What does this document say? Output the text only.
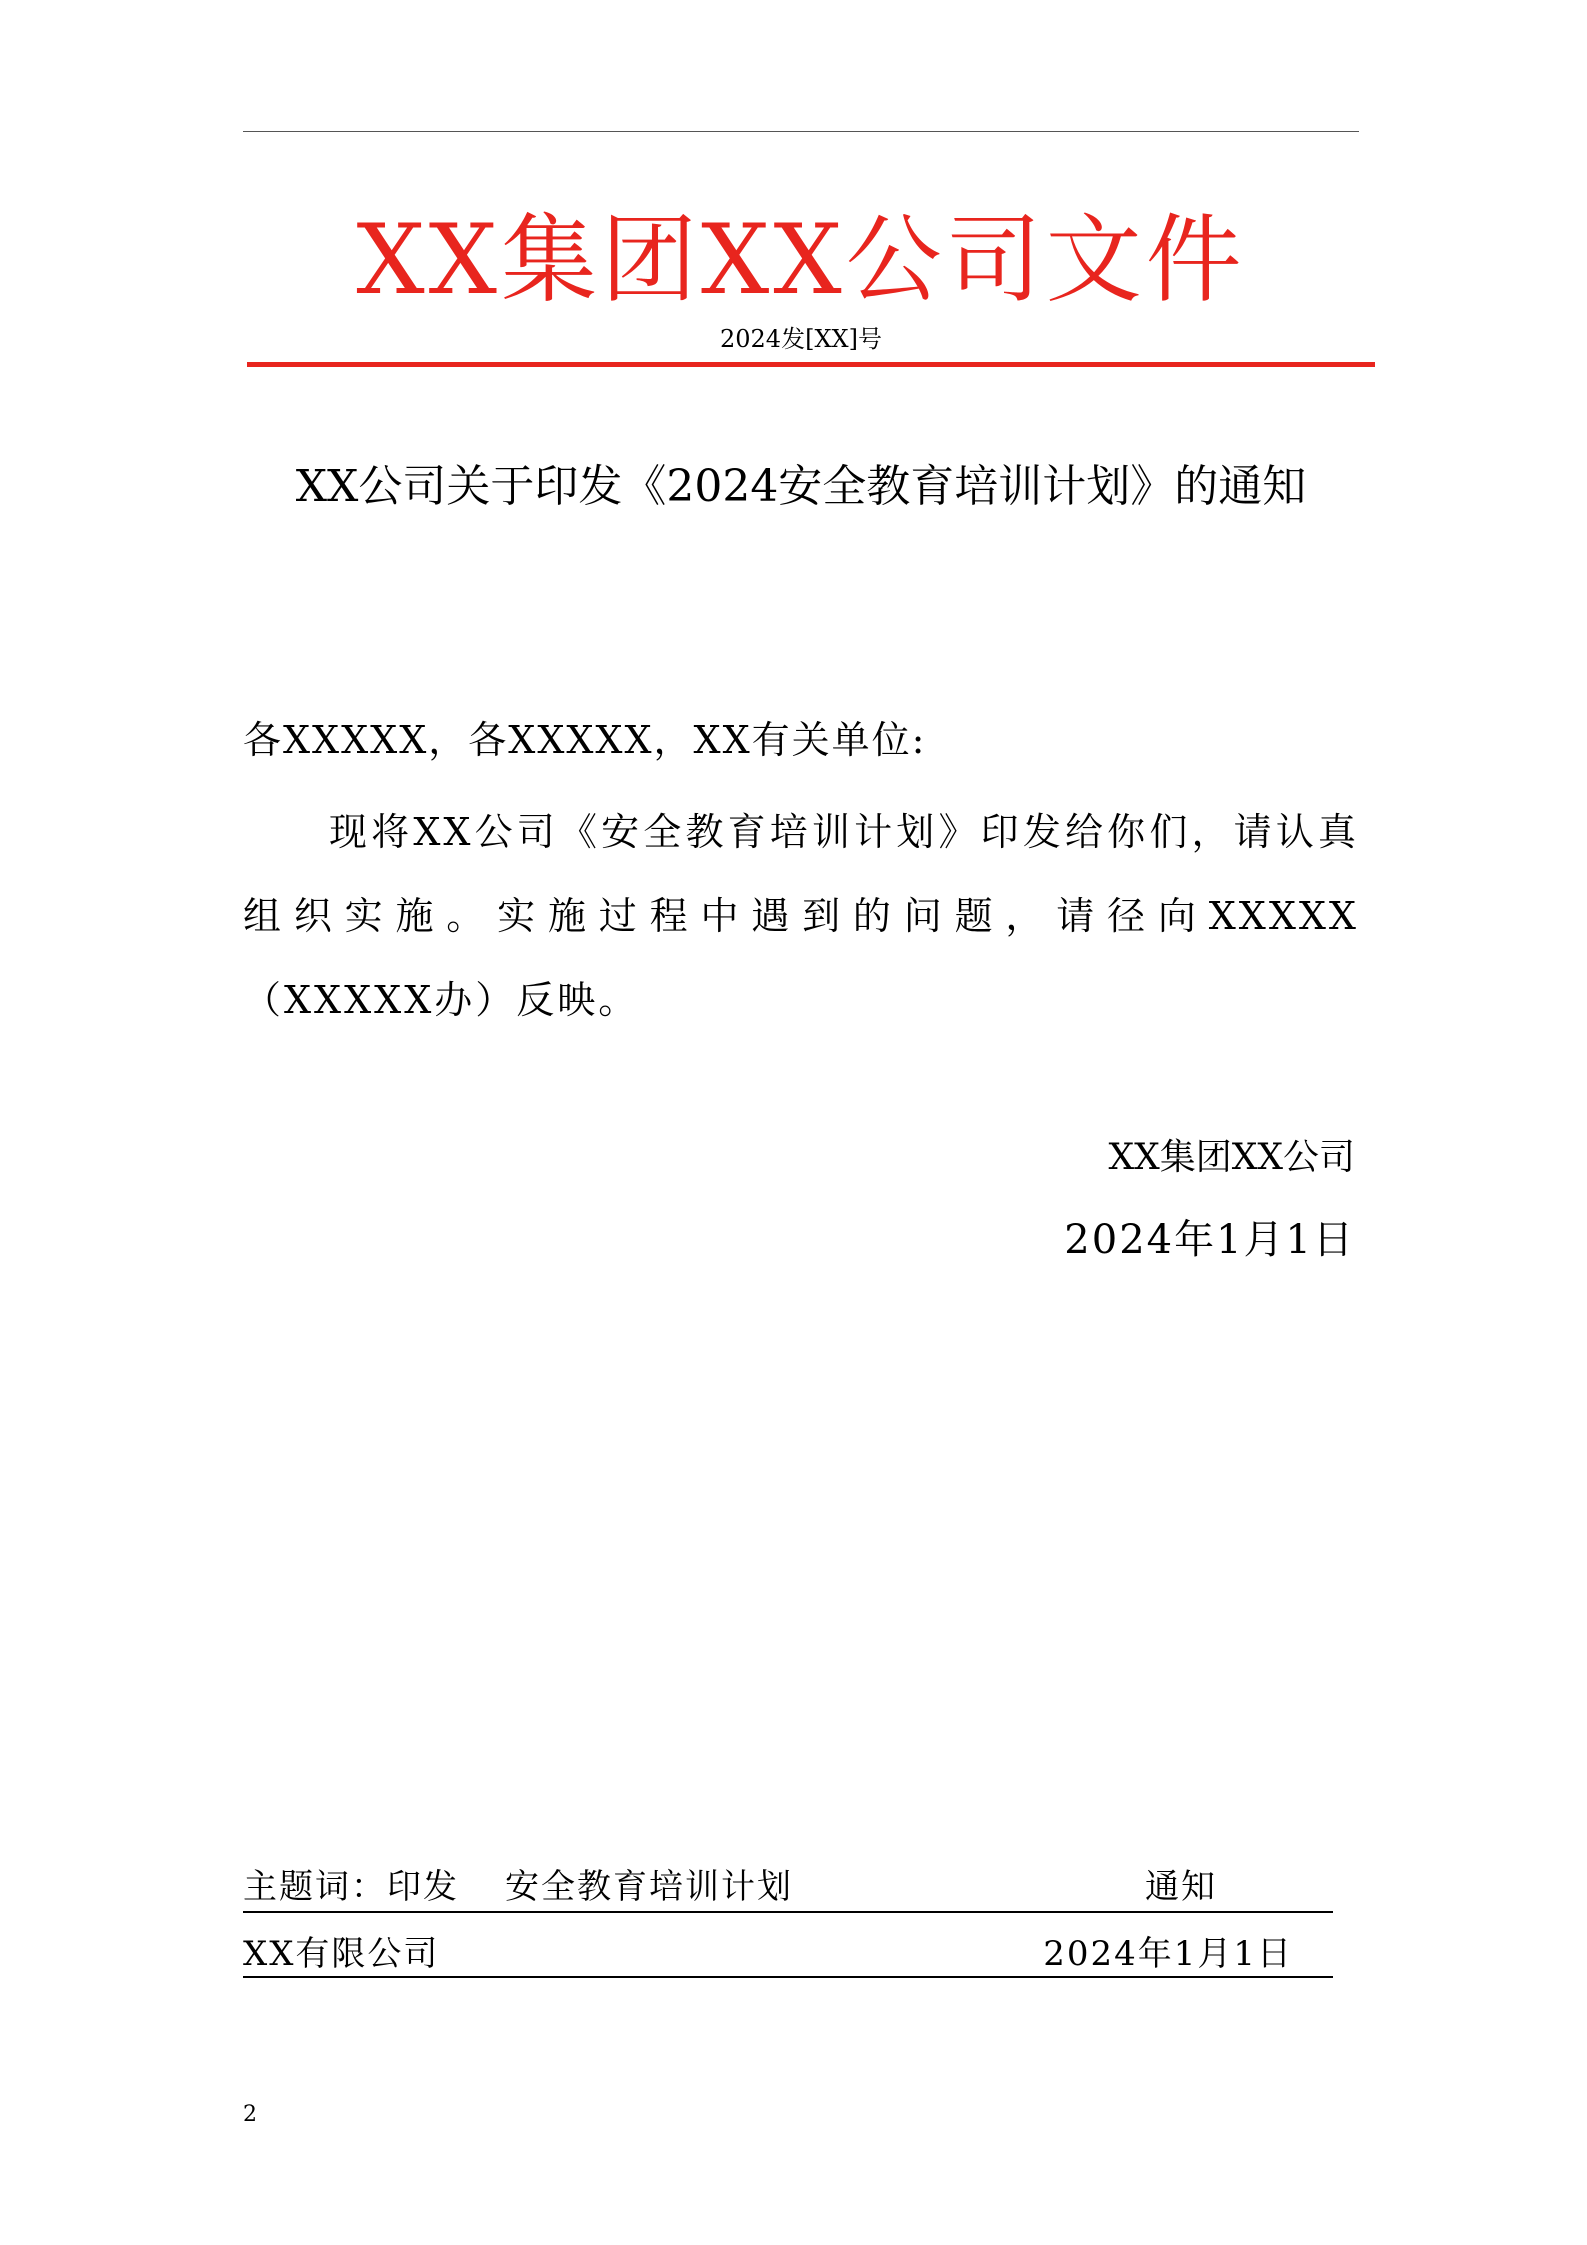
XX集团XX公司文件
2024发[XX]号
XX公司关于印发《2024安全教育培训计划》的通知
各XXXXX，各XXXXX，XX有关单位:
现将XX公司《安全教育培训计划》印发给你们，请认真组织实施。实施过程中遇到的问题，请径向XXXXX（XXXXX办）反映。
XX集团XX公司
2024年1月1日
主题词：印发 安全教育培训计划	通知
XX有限公司	2024年1月1日
2
